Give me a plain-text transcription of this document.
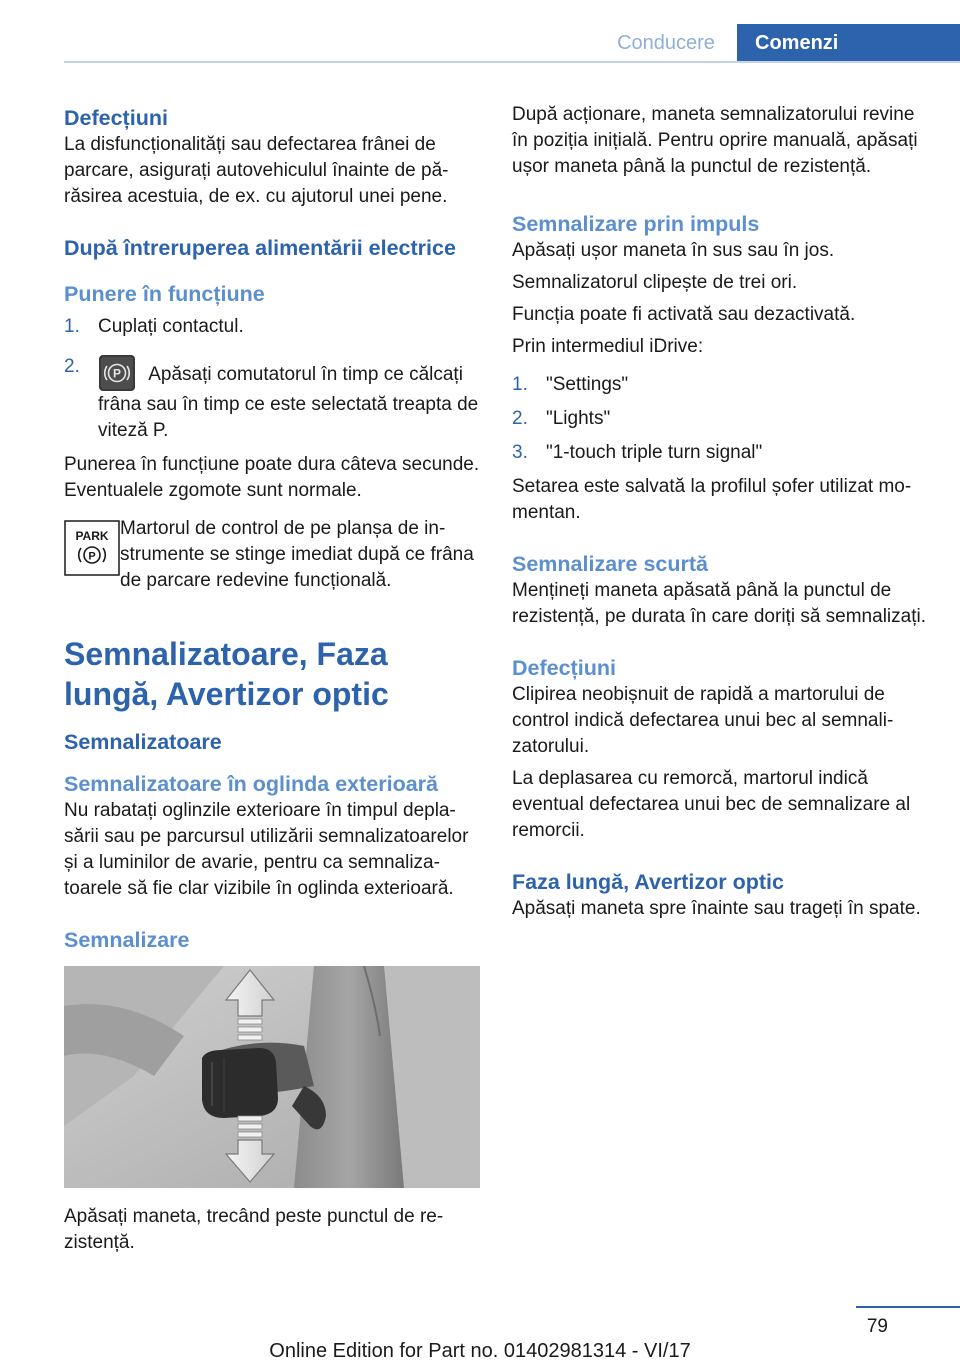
Conducere	Comenzi
Defecțiuni

La disfuncționalități sau defectarea frânei de parcare, asigurați autovehiculul înainte de părăsirea acestuia, de ex. cu ajutorul unei pene.

După întreruperea alimentării electrice
Punere în funcțiune
1. Cuplați contactul.
2.	P Apăsați comutatorul în timp ce călcați frâna sau în timp ce este selectată treapta de viteză P.

Punerea în funcțiune poate dura câteva secunde. Eventualele zgomote sunt normale.

PARK
P

Martorul de control de pe planșa de instrumente se stinge imediat după ce frâna de parcare redevine funcțională.

Semnalizatoare, Faza lungă, Avertizor optic
Semnalizatoare
Semnalizatoare în oglinda exterioară

Nu rabatați oglinzile exterioare în timpul deplasării sau pe parcursul utilizării semnalizatoarelor și a luminilor de avarie, pentru ca semnalizatoarele să fie clar vizibile în oglinda exterioară.

Semnalizare

Apăsați maneta, trecând peste punctul de rezistență.

După acționare, maneta semnalizatorului revine în poziția inițială. Pentru oprire manuală, apăsați ușor maneta până la punctul de rezistență.

Semnalizare prin impuls

Apăsați ușor maneta în sus sau în jos.

Semnalizatorul clipește de trei ori.

Funcția poate fi activată sau dezactivată.

Prin intermediul iDrive:

1. "Settings"
2. "Lights"
3. "1-touch triple turn signal"

Setarea este salvată la profilul șofer utilizat momentan.

Semnalizare scurtă

Mențineți maneta apăsată până la punctul de rezistență, pe durata în care doriți să semnalizați.

Defecțiuni

Clipirea neobișnuit de rapidă a martorului de control indică defectarea unui bec al semnalizatorului.

La deplasarea cu remorcă, martorul indică eventual defectarea unui bec de semnalizare al remorcii.

Faza lungă, Avertizor optic

Apăsați maneta spre înainte sau trageți în spate.

79
Online Edition for Part no. 01402981314 - VI/17
